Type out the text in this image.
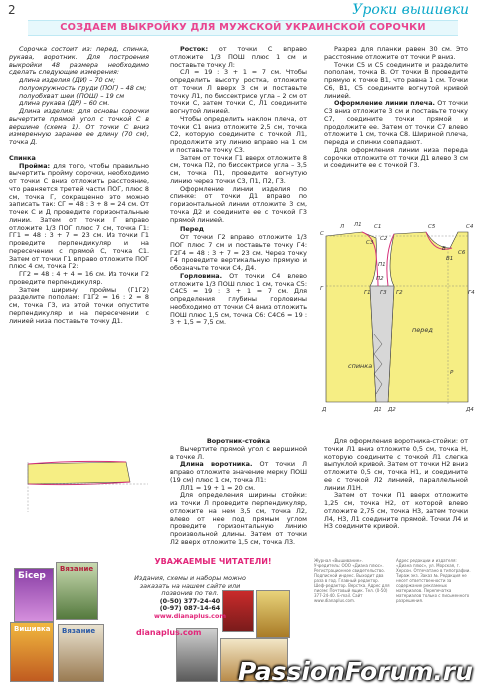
2	Уроки вышивки
СОЗДАЕМ ВЫКРОЙКУ ДЛЯ МУЖСКОЙ УКРАИНСКОЙ СОРОЧКИ

Сорочка состоит из: перед, спинка, рукава, воротник. Для построения выкройки 48 размера необходимо сделать следующие измерения:

длина изделия (ДИ) – 70 см;

полуокружность груди (ПОГ) – 48 см;

полуобхват шеи (ПОШ) – 19 см

длина рукава (ДР) – 60 см.

Длина изделия: для основы сорочки вычертите прямой угол с точкой С в вершине (схема 1). От точки С вниз измеренную заранее ее длину (70 см), точка Д.

Спинка

Пройма: для того, чтобы правильно вычертить пройму сорочки, необходимо от точки С вниз отложить расстояние, что равняется третей части ПОГ, плюс 8 см, точка Г, сокращенно это можно записать так: СГ = 48 : 3 + 8 = 24 см. От точек С и Д проведите горизонтальные линии. Затем от точки Г вправо отложите 1/3 ПОГ плюс 7 см, точка Г1: ГГ1 = 48 : 3 + 7 = 23 см. Из точки Г1 проведите перпендикуляр и на пересечении с прямой С, точка С1. Затем от точки Г1 вправо отложите ПОГ плюс 4 см, точка Г2:

ГГ2 = 48 : 4 + 4 = 16 см. Из точки Г2 проведите перпендикуляр.

Затем ширину проймы (Г1Г2) разделите пополам: Г1Г2 = 16 : 2 = 8 см, точка Г3, из этой точки опустите перпендикуляр и на пересечении с линией низа поставьте точку Д1.

Росток: от точки С вправо отложите 1/3 ПОШ плюс 1 см и поставьте точку Л:

СЛ = 19 : 3 + 1 = 7 см. Чтобы определить высоту ростка, отложите от точки Л вверх 3 см и поставьте точку Л1, по биссектрисе угла – 2 см от точки С, затем точки С, Л1 соедините вогнутой линией.

Чтобы определить наклон плеча, от точки С1 вниз отложите 2,5 см, точка С2, которую соедините с точкой Л1, продолжите эту линию вправо на 1 см и поставьте точку С3.

Затем от точки Г1 вверх отложите 8 см, точка П2, по биссектрисе угла – 3,5 см, точка П1, проведите вогнутую линию через точки С3, П1, П2, Г3.

Оформление линии изделия по спинке: от точки Д1 вправо по горизонтальной линии отложите 3 см, точка Д2 и соедините ее с точкой Г3 прямой линией.

Перед

От точки Г2 вправо отложите 1/3 ПОГ плюс 7 см и поставьте точку Г4: Г2Г4 = 48 : 3 + 7 = 23 см. Через точку Г4 проведите вертикальную прямую и обозначьте точки С4, Д4.

Горловина. От точки С4 влево отложите 1/3 ПОШ плюс 1 см, точка С5: С4С5 = 19 : 3 + 1 = 7 см. Для определения глубины горловины необходимо от точки С4 вниз отложить ПОШ плюс 1,5 см, точка С6: С4С6 = 19 : 3 + 1,5 = 7,5 см.

Разрез для планки равен 30 см. Это расстояние отложите от точки Р вниз.

Точки С5 и С5 соедините и разделите пополам, точка В. От точки В проведите прямую к точке В1, что равна 1 см. Точки С6, В1, С5 соедините вогнутой кривой линией.

Оформление линии плеча. От точки С3 вниз отложите 3 см и поставьте точку С7, соедините точки прямой и продолжите ее. Затем от точки С7 влево отложите 1 см, точка С8. Шириной плеча, переда и спинки совпадают.

Для оформления линии низа переда сорочки отложите от точки Д1 влево 3 см и соедините ее с точкой Г3.

спинка
перед
С
Л Л1 С1
С2
С3
С4
С5
С6
П1
П2
Г
Г1	Г2
Г3	Г4
Д	Д1 Д2	Д4
В
В1
Р

Воротник-стойка

Вычертите прямой угол с вершиной в точке Л.

Длина воротника. От точки Л вправо отложите значение мерку ПОШ (19 см) плюс 1 см, точка Л1:

ЛЛ1 = 19 + 1 = 20 см.

Для определения ширины стойки: из точки Л проведите перпендикуляр, отложите на нем 3,5 см, точка Л2, влево от нее под прямым углом проведите горизонтальную линию произвольной длины. Затем от точки Л2 вверх отложите 1,5 см, точка Л3.

Для оформления воротника-стойки: от точки Л1 вниз отложите 0,5 см, точка Н, которую соедините с точкой Л1 слегка выпуклой кривой. Затем от точки Н2 вниз отложите 0,5 см, точка Н1, и соедините ее с точкой Л2 линией, параллельной линии Л1Н.

Затем от точки П1 вверх отложите 1,25 см, точка Н2, от которой влево отложите 2,75 см, точка Н3, затем точки Л4, Н3, Л1 соедините прямой. Точки Л4 и Н3 соедините кривой.

Бісер
Вязание
Вишивка Вязание
УВАЖАЕМЫЕ ЧИТАТЕЛИ!
Издания, схемы и наборы можно заказать на нашем сайте или позвонив по тел.
(0-50) 377-24-40
(0-97) 087-14-64
www.dianaplus.com
dianaplus.com
Журнал «Вышивание». Учредитель: ООО «Диана плюс». Регистрационное свидетельство. Подписной индекс. Выходит два раза в год. Главный редактор. Шеф-редактор. Верстка. Адрес для писем: Почтовый ящик. Тел. (0-50) 377-24-40. E-mail. Сайт www.dianaplus.com.
Адрес редакции и издателя: «Диана плюс», ул. Морская, г. Херсон. Отпечатано в типографии. Тираж экз. Заказ №. Редакция не несет ответственности за содержание рекламных материалов. Перепечатка материалов только с письменного разрешения.
PassionForum.ru
